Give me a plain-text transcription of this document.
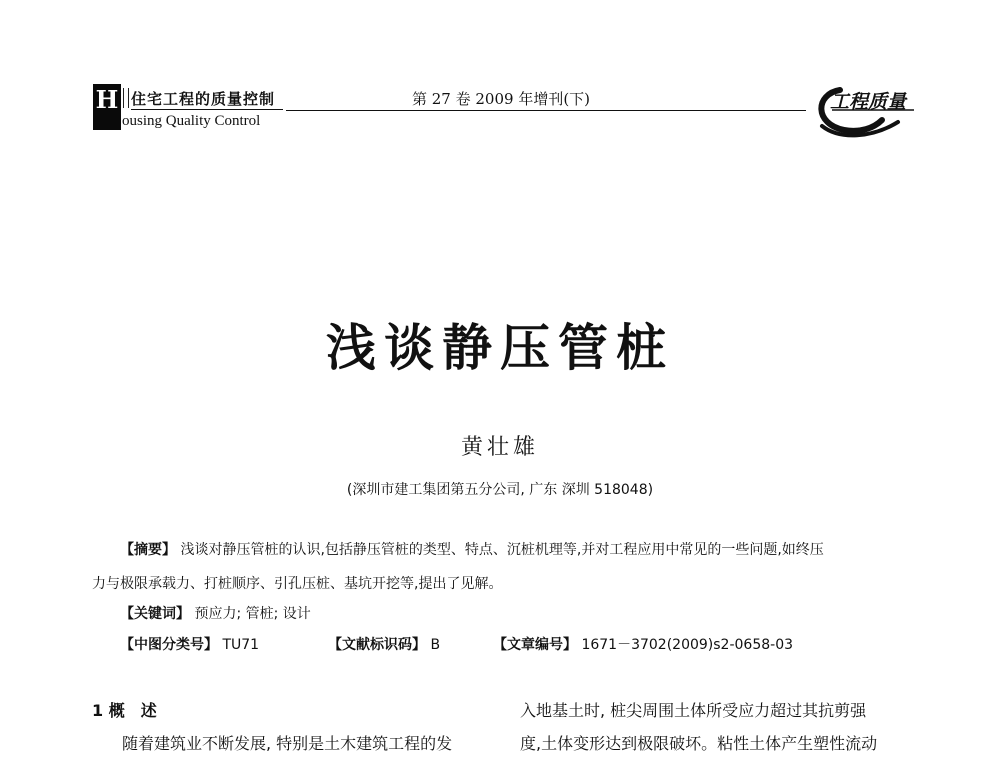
H 住宅工程的质量控制
ousing Quality Control
第 27 卷 2009 年增刊(下)	工程质量
浅谈静压管桩
黄壮雄
(深圳市建工集团第五分公司, 广东 深圳 518048)
【摘要】 浅谈对静压管桩的认识,包括静压管桩的类型、特点、沉桩机理等,并对工程应用中常见的一些问题,如终压
力与极限承载力、打桩顺序、引孔压桩、基坑开挖等,提出了见解。
【关键词】 预应力; 管桩; 设计
【中图分类号】 TU71	【文献标识码】 B	【文章编号】 1671－3702(2009)s2-0658-03
1 概　述
随着建筑业不断发展, 特别是土木建筑工程的发
入地基土时, 桩尖周围土体所受应力超过其抗剪强
度,土体变形达到极限破坏。粘性土体产生塑性流动
